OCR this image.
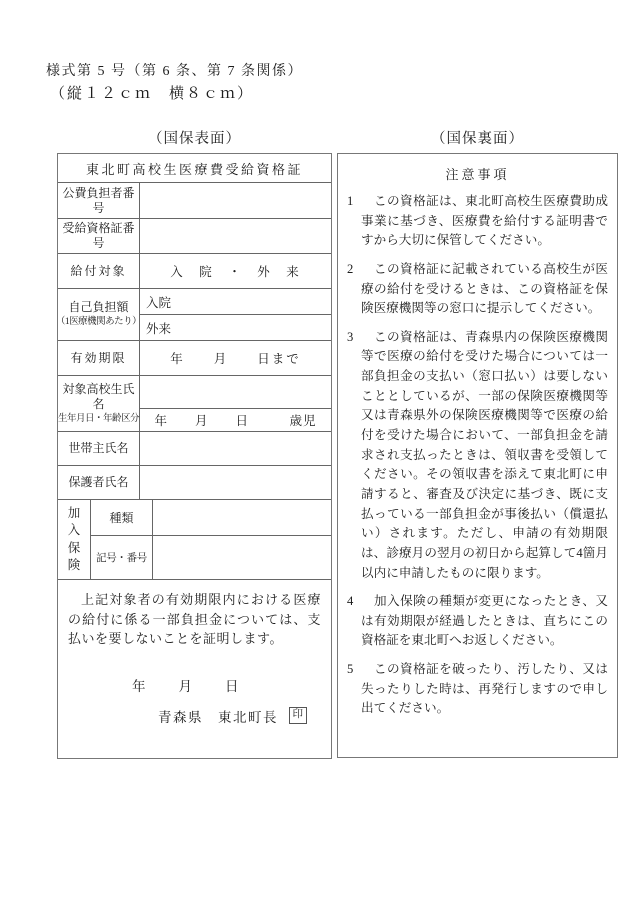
様式第 5 号（第 6 条、第 7 条関係）
（縦１２ｃｍ　横８ｃｍ）
（国保表面）	（国保裏面）
東北町高校生医療費受給資格証
公費負担者番号
受給資格証番号
給付対象	入　院　・　外　来
自己負担額
（1医療機関あたり）
入院
外来
有効期限	年　　月　　日まで
対象高校生氏名
生年月日・年齢区分	年　　月　　日　　　歳児
世帯主氏名
保護者氏名
加入保険
種類
記号・番号
上記対象者の有効期限内における医療の給付に係る一部負担金については、支払いを要しないことを証明します。
年　　月　　日
青森県　東北町長	印
注意事項
1 この資格証は、東北町高校生医療費助成事業に基づき、医療費を給付する証明書ですから大切に保管してください。
2 この資格証に記載されている高校生が医療の給付を受けるときは、この資格証を保険医療機関等の窓口に提示してください。
3 この資格証は、青森県内の保険医療機関等で医療の給付を受けた場合については一部負担金の支払い（窓口払い）は要しないこととしているが、一部の保険医療機関等又は青森県外の保険医療機関等で医療の給付を受けた場合において、一部負担金を請求され支払ったときは、領収書を受領してください。その領収書を添えて東北町に申請すると、審査及び決定に基づき、既に支払っている一部負担金が事後払い（償還払い）されます。ただし、申請の有効期限は、診療月の翌月の初日から起算して4箇月以内に申請したものに限ります。
4 加入保険の種類が変更になったとき、又は有効期限が経過したときは、直ちにこの資格証を東北町へお返しください。
5 この資格証を破ったり、汚したり、又は失ったりした時は、再発行しますので申し出てください。
